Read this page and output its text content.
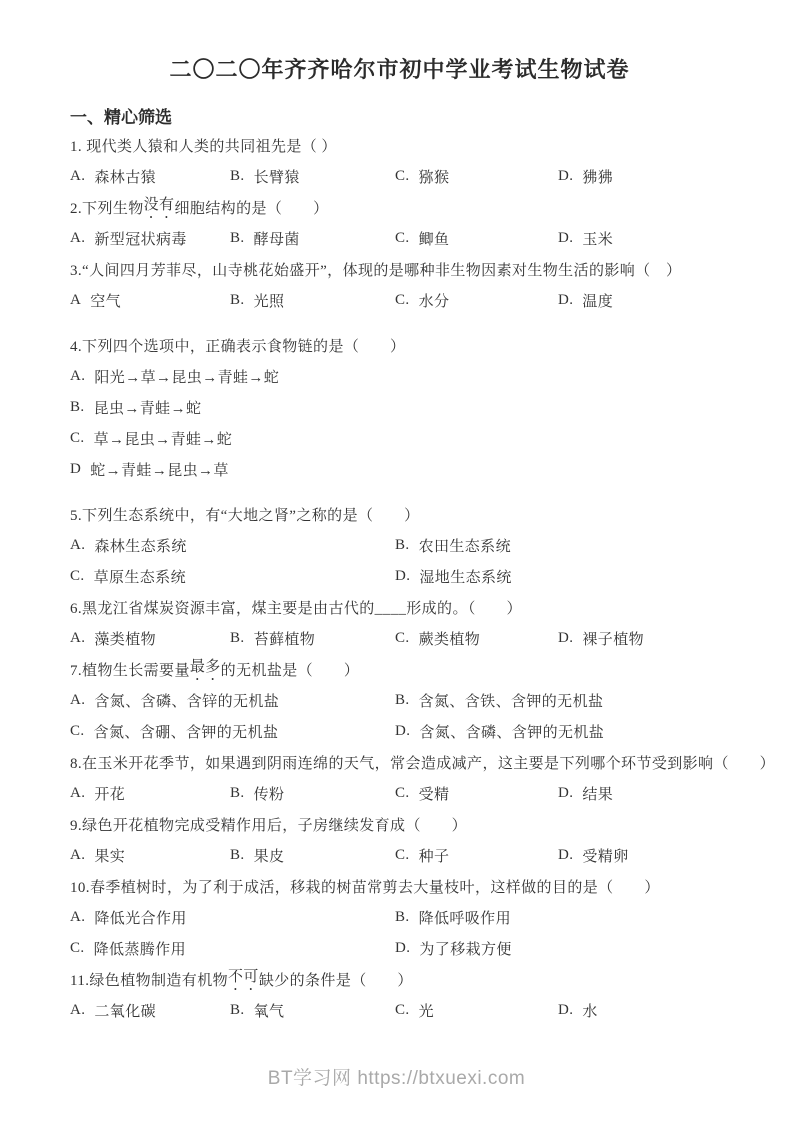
二〇二〇年齐齐哈尔市初中学业考试生物试卷
一、精心筛选
1. 现代类人猿和人类的共同祖先是（ ）
A. 森林古猿	B. 长臂猿	C. 猕猴	D. 狒狒
2.下列生物 没有 细胞结构的是（　　）
A. 新型冠状病毒	B. 酵母菌	C. 鲫鱼	D. 玉米
3.“人间四月芳菲尽，山寺桃花始盛开”，体现的是哪种非生物因素对生物生活的影响（　）
A 空气	B. 光照	C. 水分	D. 温度
4.下列四个选项中，正确表示食物链的是（　　）
A. 阳光→草→昆虫→青蛙→蛇
B. 昆虫→青蛙→蛇
C. 草→昆虫→青蛙→蛇
D 蛇→青蛙→昆虫→草
5.下列生态系统中，有“大地之肾”之称的是（　　）
A. 森林生态系统	B. 农田生态系统
C. 草原生态系统	D. 湿地生态系统
6.黑龙江省煤炭资源丰富，煤主要是由古代的____形成的。（　　）
A. 藻类植物	B. 苔藓植物	C. 蕨类植物	D. 裸子植物
7.植物生长需要量 最多 的无机盐是（　　）
A. 含氮、含磷、含锌的无机盐	B. 含氮、含铁、含钾的无机盐
C. 含氮、含硼、含钾的无机盐	D. 含氮、含磷、含钾的无机盐
8.在玉米开花季节，如果遇到阴雨连绵的天气，常会造成减产，这主要是下列哪个环节受到影响（　　）
A. 开花	B. 传粉	C. 受精	D. 结果
9.绿色开花植物完成受精作用后，子房继续发育成（　　）
A. 果实	B. 果皮	C. 种子	D. 受精卵
10.春季植树时，为了利于成活，移栽的树苗常剪去大量枝叶，这样做的目的是（　　）
A. 降低光合作用	B. 降低呼吸作用
C. 降低蒸腾作用	D. 为了移栽方便
11.绿色植物制造有机物 不可 缺少的条件是（　　）
A. 二氧化碳	B. 氧气	C. 光	D. 水
BT学习网 https://btxuexi.com
